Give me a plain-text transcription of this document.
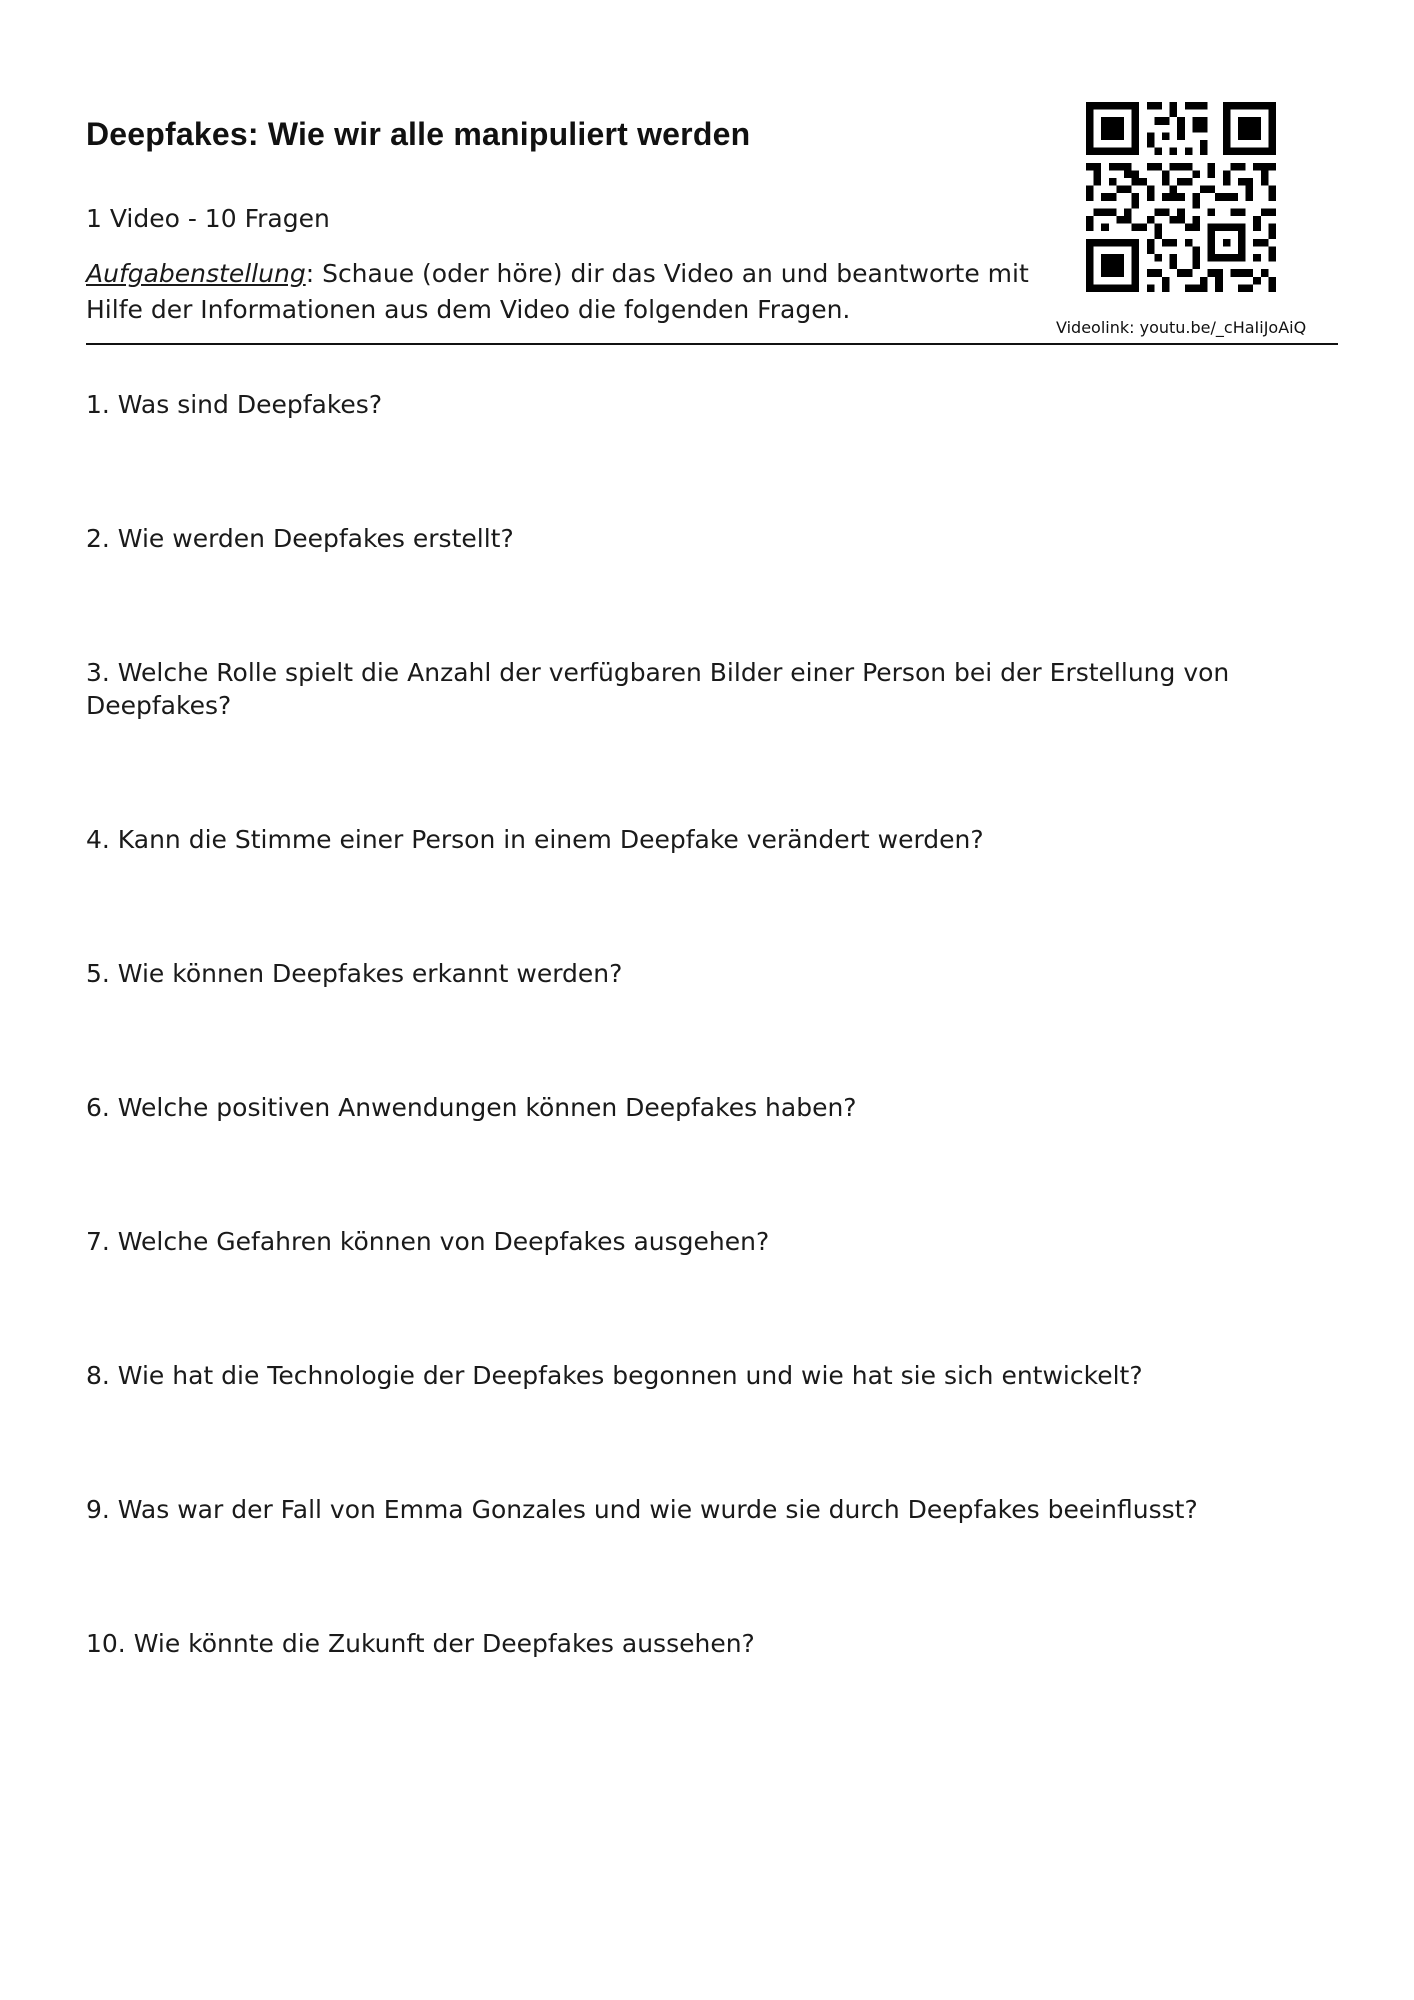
Deepfakes: Wie wir alle manipuliert werden
1 Video - 10 Fragen
Aufgabenstellung: Schaue (oder höre) dir das Video an und beantworte mit Hilfe der Informationen aus dem Video die folgenden Fragen.
Videolink: youtu.be/_cHaIiJoAiQ
1. Was sind Deepfakes?
2. Wie werden Deepfakes erstellt?
3. Welche Rolle spielt die Anzahl der verfügbaren Bilder einer Person bei der Erstellung von Deepfakes?
4. Kann die Stimme einer Person in einem Deepfake verändert werden?
5. Wie können Deepfakes erkannt werden?
6. Welche positiven Anwendungen können Deepfakes haben?
7. Welche Gefahren können von Deepfakes ausgehen?
8. Wie hat die Technologie der Deepfakes begonnen und wie hat sie sich entwickelt?
9. Was war der Fall von Emma Gonzales und wie wurde sie durch Deepfakes beeinflusst?
10. Wie könnte die Zukunft der Deepfakes aussehen?
